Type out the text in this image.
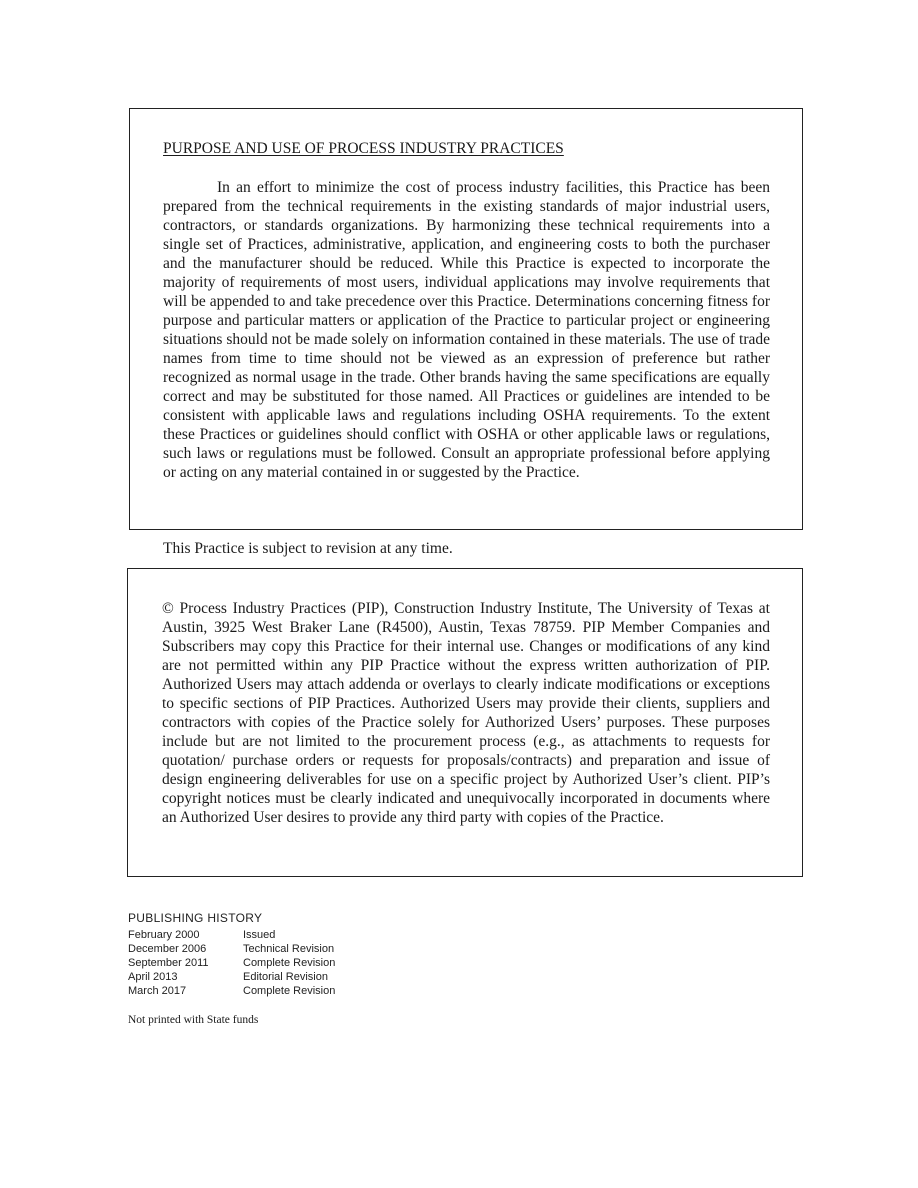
PURPOSE AND USE OF PROCESS INDUSTRY PRACTICES

In an effort to minimize the cost of process industry facilities, this Practice has been prepared from the technical requirements in the existing standards of major industrial users, contractors, or standards organizations. By harmonizing these technical requirements into a single set of Practices, administrative, application, and engineering costs to both the purchaser and the manufacturer should be reduced. While this Practice is expected to incorporate the majority of requirements of most users, individual applications may involve requirements that will be appended to and take precedence over this Practice. Determinations concerning fitness for purpose and particular matters or application of the Practice to particular project or engineering situations should not be made solely on information contained in these materials. The use of trade names from time to time should not be viewed as an expression of preference but rather recognized as normal usage in the trade. Other brands having the same specifications are equally correct and may be substituted for those named. All Practices or guidelines are intended to be consistent with applicable laws and regulations including OSHA requirements. To the extent these Practices or guidelines should conflict with OSHA or other applicable laws or regulations, such laws or regulations must be followed. Consult an appropriate professional before applying or acting on any material contained in or suggested by the Practice.

This Practice is subject to revision at any time.

© Process Industry Practices (PIP), Construction Industry Institute, The University of Texas at Austin, 3925 West Braker Lane (R4500), Austin, Texas 78759. PIP Member Companies and Subscribers may copy this Practice for their internal use. Changes or modifications of any kind are not permitted within any PIP Practice without the express written authorization of PIP. Authorized Users may attach addenda or overlays to clearly indicate modifications or exceptions to specific sections of PIP Practices. Authorized Users may provide their clients, suppliers and contractors with copies of the Practice solely for Authorized Users’ purposes. These purposes include but are not limited to the procurement process (e.g., as attachments to requests for quotation/ purchase orders or requests for proposals/contracts) and preparation and issue of design engineering deliverables for use on a specific project by Authorized User’s client. PIP’s copyright notices must be clearly indicated and unequivocally incorporated in documents where an Authorized User desires to provide any third party with copies of the Practice.

PUBLISHING HISTORY
February 2000	Issued
December 2006	Technical Revision
September 2011	Complete Revision
April 2013	Editorial Revision
March 2017	Complete Revision
Not printed with State funds
